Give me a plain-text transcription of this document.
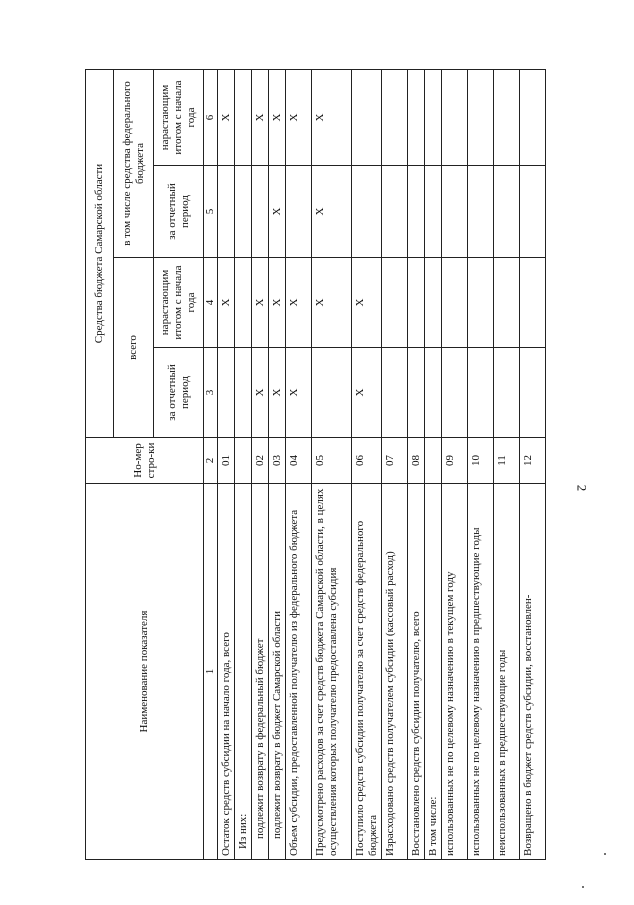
2
Наименование показателя	Но-мер стро-ки	Средства бюджета Самарской области			
		всего		в том числе средства федерального бюджета	
		за отчетный период	нарастающим итогом с начала года	за отчетный период	нарастающим итогом с начала года
1	2	3	4	5	6
Остаток средств субсидии на начало года, всего	01		X		X
Из них:					
подлежит возврату в федеральный бюджет	02	X	X		X
подлежит возврату в бюджет Самарской области	03	X	X	X	X
Объем субсидии, предоставленной получателю из федерального бюджета	04	X	X		X
Предусмотрено расходов за счет средств бюджета Самарской области, в целях осуществления которых получателю предоставлена субсидия	05		X	X	X
Поступило средств субсидии получателю за счет средств федерального бюджета	06	X	X		
Израсходовано средств получателем субсидии (кассовый расход)	07				
Восстановлено средств субсидии получателю, всего	08				
В том числе:					
использованных не по целевому назначению в текущем году	09				
использованных не по целевому назначению в предшествующие годы	10				
неиспользованных в предшествующие годы	11				
Возвращено в бюджет средств субсидии, восстановлен-	12				
